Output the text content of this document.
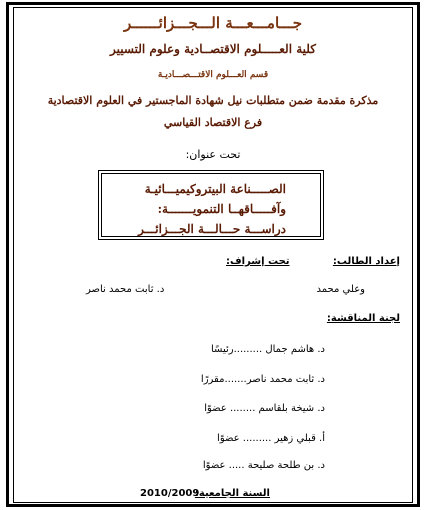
جـــامـــعـــة الـــجـــزائــــــر
كلية العـــــلوم الاقتصــادية وعلوم التسيير
قسم العـــلوم الاقتـــصـــاديـة
مذكرة مقدمة ضمن متطلبات نيل شهادة الماجستير في العلوم الاقتصادية
فرع الاقتصاد القياسي
تحت عنوان:
الصـــــناعة البيتروكيميـــائيـة
وآفـــــاقهــا التنمويـــــــة:
دراســـة حـــالـــة الجـــزائـــر
إعداد الطالب:
تحت إشراف:
وعلي محمد
د. ثابت محمد ناصر
لجنة المناقشة:
د. هاشم جمال .........رئيسًا
د. ثابت محمد ناصر.......مقررًا
د. شيخة بلقاسم ........ عضوًا
أ. قبلي زهير ......... عضوًا
د. بن طلحة صليحة ..... عضوًا
السنة الجامعية:
2010/2009
